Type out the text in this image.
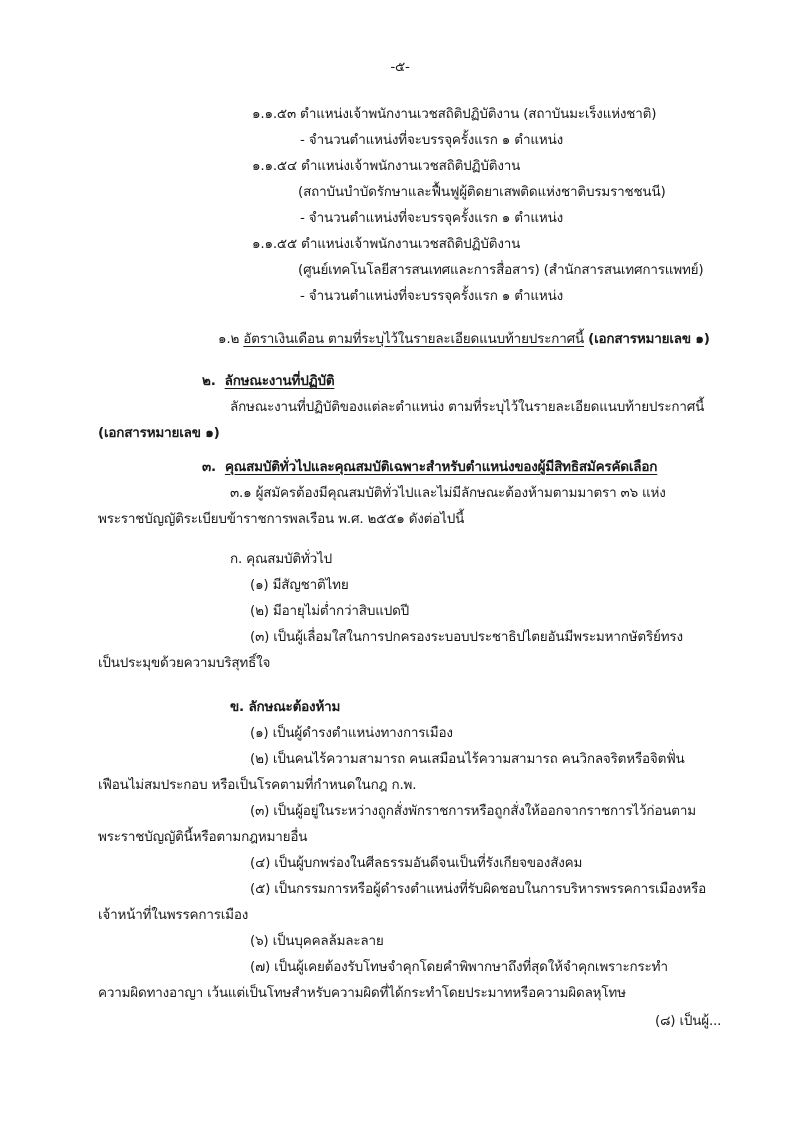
-๕-
๑.๑.๕๓ ตำแหน่งเจ้าพนักงานเวชสถิติปฏิบัติงาน (สถาบันมะเร็งแห่งชาติ)
- จำนวนตำแหน่งที่จะบรรจุครั้งแรก ๑ ตำแหน่ง
๑.๑.๕๔ ตำแหน่งเจ้าพนักงานเวชสถิติปฏิบัติงาน
(สถาบันบำบัดรักษาและฟื้นฟูผู้ติดยาเสพติดแห่งชาติบรมราชชนนี)
- จำนวนตำแหน่งที่จะบรรจุครั้งแรก ๑ ตำแหน่ง
๑.๑.๕๕ ตำแหน่งเจ้าพนักงานเวชสถิติปฏิบัติงาน
(ศูนย์เทคโนโลยีสารสนเทศและการสื่อสาร) (สำนักสารสนเทศการแพทย์)
- จำนวนตำแหน่งที่จะบรรจุครั้งแรก ๑ ตำแหน่ง
๑.๒ อัตราเงินเดือน ตามที่ระบุไว้ในรายละเอียดแนบท้ายประกาศนี้ (เอกสารหมายเลข ๑)
๒. ลักษณะงานที่ปฏิบัติ
ลักษณะงานที่ปฏิบัติของแต่ละตำแหน่ง ตามที่ระบุไว้ในรายละเอียดแนบท้ายประกาศนี้
(เอกสารหมายเลข ๑)
๓. คุณสมบัติทั่วไปและคุณสมบัติเฉพาะสำหรับตำแหน่งของผู้มีสิทธิสมัครคัดเลือก
๓.๑ ผู้สมัครต้องมีคุณสมบัติทั่วไปและไม่มีลักษณะต้องห้ามตามมาตรา ๓๖ แห่ง
พระราชบัญญัติระเบียบข้าราชการพลเรือน พ.ศ. ๒๕๕๑ ดังต่อไปนี้
ก. คุณสมบัติทั่วไป
(๑) มีสัญชาติไทย
(๒) มีอายุไม่ต่ำกว่าสิบแปดปี
(๓) เป็นผู้เลื่อมใสในการปกครองระบอบประชาธิปไตยอันมีพระมหากษัตริย์ทรง
เป็นประมุขด้วยความบริสุทธิ์ใจ
ข. ลักษณะต้องห้าม
(๑) เป็นผู้ดำรงตำแหน่งทางการเมือง
(๒) เป็นคนไร้ความสามารถ คนเสมือนไร้ความสามารถ คนวิกลจริตหรือจิตฟั่น
เฟือนไม่สมประกอบ หรือเป็นโรคตามที่กำหนดในกฎ ก.พ.
(๓) เป็นผู้อยู่ในระหว่างถูกสั่งพักราชการหรือถูกสั่งให้ออกจากราชการไว้ก่อนตาม
พระราชบัญญัตินี้หรือตามกฎหมายอื่น
(๔) เป็นผู้บกพร่องในศีลธรรมอันดีจนเป็นที่รังเกียจของสังคม
(๕) เป็นกรรมการหรือผู้ดำรงตำแหน่งที่รับผิดชอบในการบริหารพรรคการเมืองหรือ
เจ้าหน้าที่ในพรรคการเมือง
(๖) เป็นบุคคลล้มละลาย
(๗) เป็นผู้เคยต้องรับโทษจำคุกโดยคำพิพากษาถึงที่สุดให้จำคุกเพราะกระทำ
ความผิดทางอาญา เว้นแต่เป็นโทษสำหรับความผิดที่ได้กระทำโดยประมาทหรือความผิดลหุโทษ
(๘) เป็นผู้...
